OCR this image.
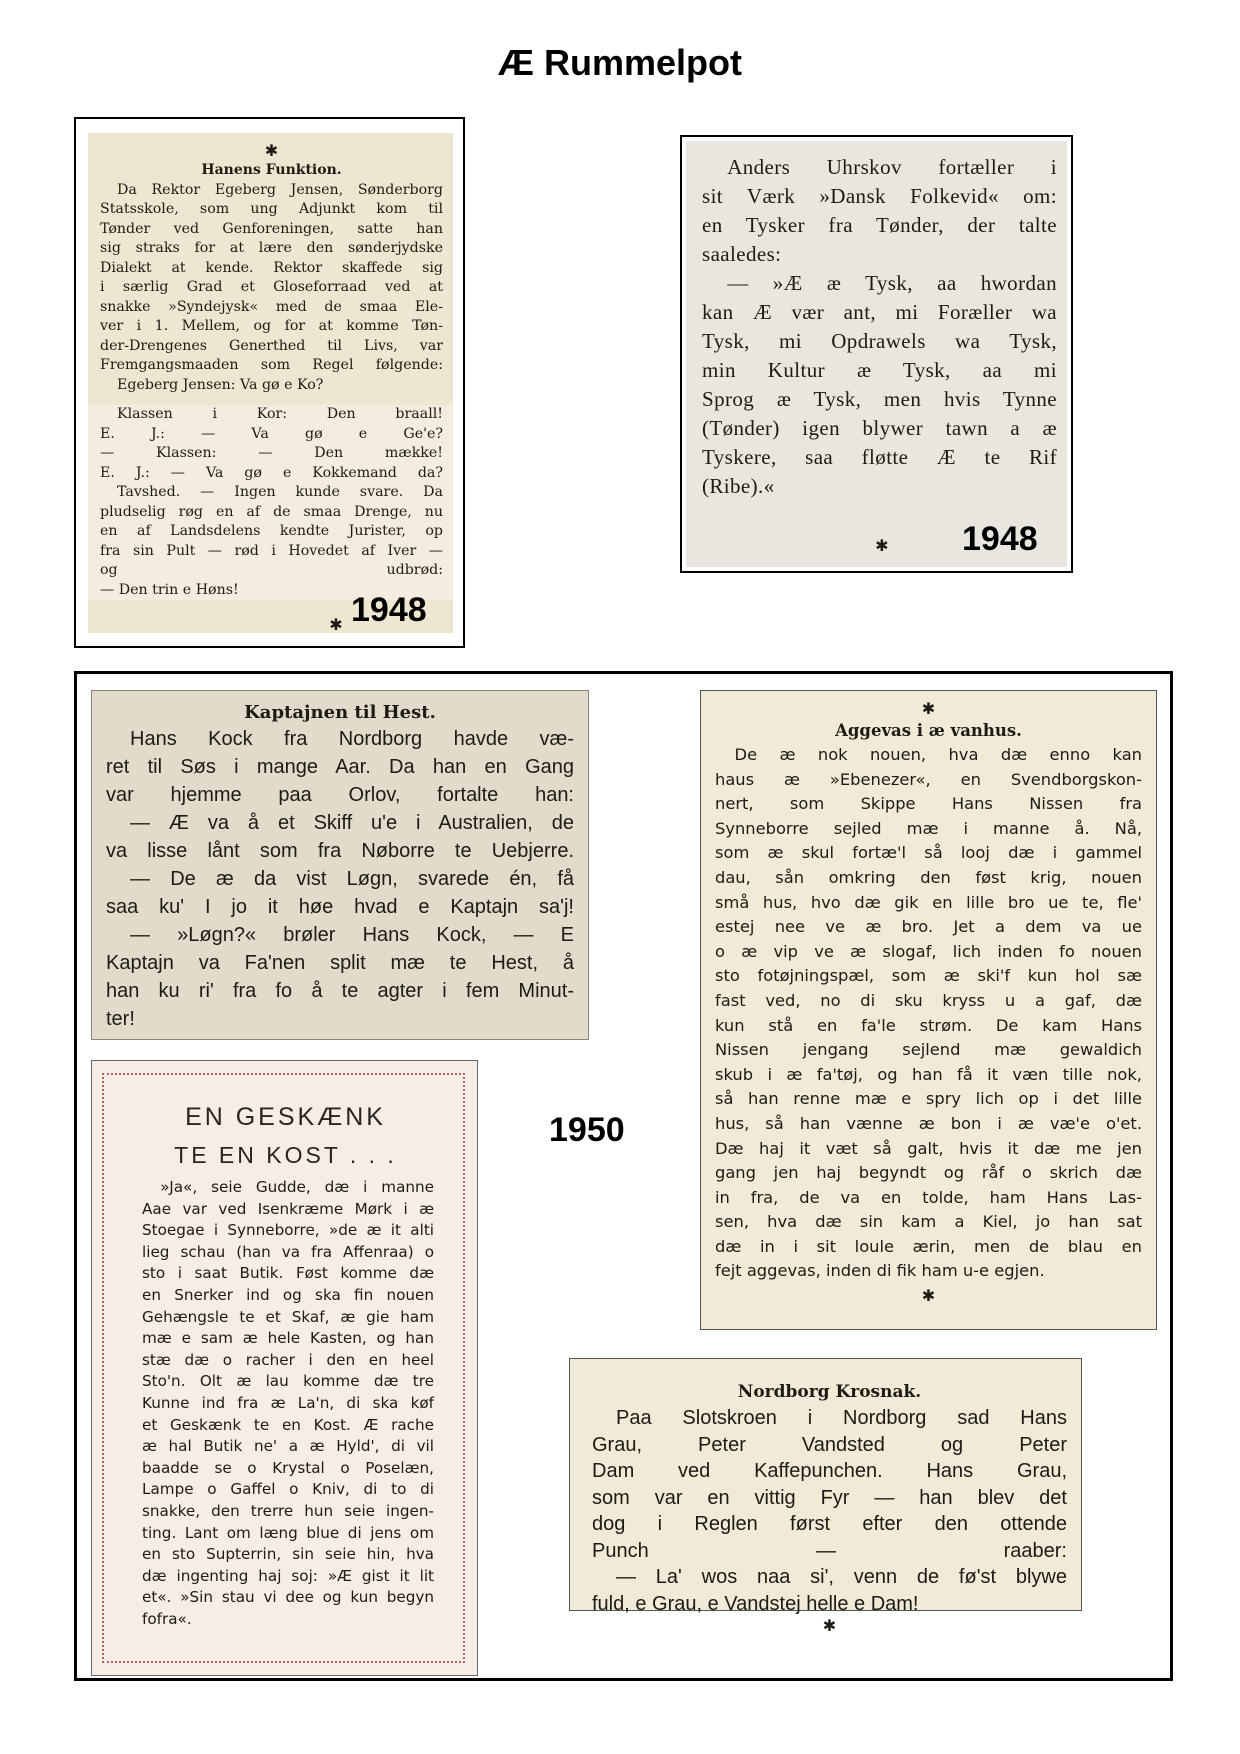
Æ Rummelpot
✱
Hanens Funktion.
Da Rektor Egeberg Jensen, Sønderborg
Statsskole, som ung Adjunkt kom til
Tønder ved Genforeningen, satte han
sig straks for at lære den sønderjydske
Dialekt at kende. Rektor skaffede sig
i særlig Grad et Gloseforraad ved at
snakke »Syndejysk« med de smaa Ele-
ver i 1. Mellem, og for at komme Tøn-
der-Drengenes Generthed til Livs, var
Fremgangsmaaden som Regel følgende:
Egeberg Jensen: Va gø e Ko?
Klassen i Kor: Den braall!
E. J.: — Va gø e Ge'e?
— Klassen: — Den mække!
E. J.: — Va gø e Kokkemand da?
Tavshed. — Ingen kunde svare. Da
pludselig røg en af de smaa Drenge, nu
en af Landsdelens kendte Jurister, op
fra sin Pult — rød i Hovedet af Iver —
og udbrød:
— Den trin e Høns!
✱ 1948
Anders Uhrskov fortæller i
sit Værk »Dansk Folkevid« om:
en Tysker fra Tønder, der talte
saaledes:
— »Æ æ Tysk, aa hwordan
kan Æ vær ant, mi Foræller wa
Tysk, mi Opdrawels wa Tysk,
min Kultur æ Tysk, aa mi
Sprog æ Tysk, men hvis Tynne
(Tønder) igen blywer tawn a æ
Tyskere, saa fløtte Æ te Rif
(Ribe).«
✱ 1948
Kaptajnen til Hest.
Hans Kock fra Nordborg havde væ-
ret til Søs i mange Aar. Da han en Gang
var hjemme paa Orlov, fortalte han:
— Æ va å et Skiff u'e i Australien, de
va lisse lånt som fra Nøborre te Uebjerre.
— De æ da vist Løgn, svarede én, få
saa ku' I jo it høe hvad e Kaptajn sa'j!
— »Løgn?« brøler Hans Kock, — E
Kaptajn va Fa'nen split mæ te Hest, å
han ku ri' fra fo å te agter i fem Minut-
ter!
✱
Aggevas i æ vanhus.
De æ nok nouen, hva dæ enno kan
haus æ »Ebenezer«, en Svendborgskon-
nert, som Skippe Hans Nissen fra
Synneborre sejled mæ i manne å. Nå,
som æ skul fortæ'l så looj dæ i gammel
dau, sån omkring den føst krig, nouen
små hus, hvo dæ gik en lille bro ue te, fle'
estej nee ve æ bro. Jet a dem va ue
o æ vip ve æ slogaf, lich inden fo nouen
sto fotøjningspæl, som æ ski'f kun hol sæ
fast ved, no di sku kryss u a gaf, dæ
kun stå en fa'le strøm. De kam Hans
Nissen jengang sejlend mæ gewaldich
skub i æ fa'tøj, og han få it væn tille nok,
så han renne mæ e spry lich op i det lille
hus, så han vænne æ bon i æ væ'e o'et.
Dæ haj it væt så galt, hvis it dæ me jen
gang jen haj begyndt og råf o skrich dæ
in fra, de va en tolde, ham Hans Las-
sen, hva dæ sin kam a Kiel, jo han sat
dæ in i sit loule ærin, men de blau en
fejt aggevas, inden di fik ham u-e egjen.
✱
EN GESKÆNK
TE EN KOST . . .
»Ja«, seie Gudde, dæ i manne
Aae var ved Isenkræme Mørk i æ
Stoegae i Synneborre, »de æ it alti
lieg schau (han va fra Affenraa) o
sto i saat Butik. Føst komme dæ
en Snerker ind og ska fin nouen
Gehængsle te et Skaf, æ gie ham
mæ e sam æ hele Kasten, og han
stæ dæ o racher i den en heel
Sto'n. Olt æ lau komme dæ tre
Kunne ind fra æ La'n, di ska køf
et Geskænk te en Kost. Æ rache
æ hal Butik ne' a æ Hyld', di vil
baadde se o Krystal o Poselæn,
Lampe o Gaffel o Kniv, di to di
snakke, den trerre hun seie ingen-
ting. Lant om læng blue di jens om
en sto Supterrin, sin seie hin, hva
dæ ingenting haj soj: »Æ gist it lit
et«. »Sin stau vi dee og kun begyn
fofra«.
1950
Nordborg Krosnak.
Paa Slotskroen i Nordborg sad Hans
Grau, Peter Vandsted og Peter
Dam ved Kaffepunchen. Hans Grau,
som var en vittig Fyr — han blev det
dog i Reglen først efter den ottende
Punch — raaber:
— La' wos naa si', venn de fø'st blywe
fuld, e Grau, e Vandstej helle e Dam!
✱
